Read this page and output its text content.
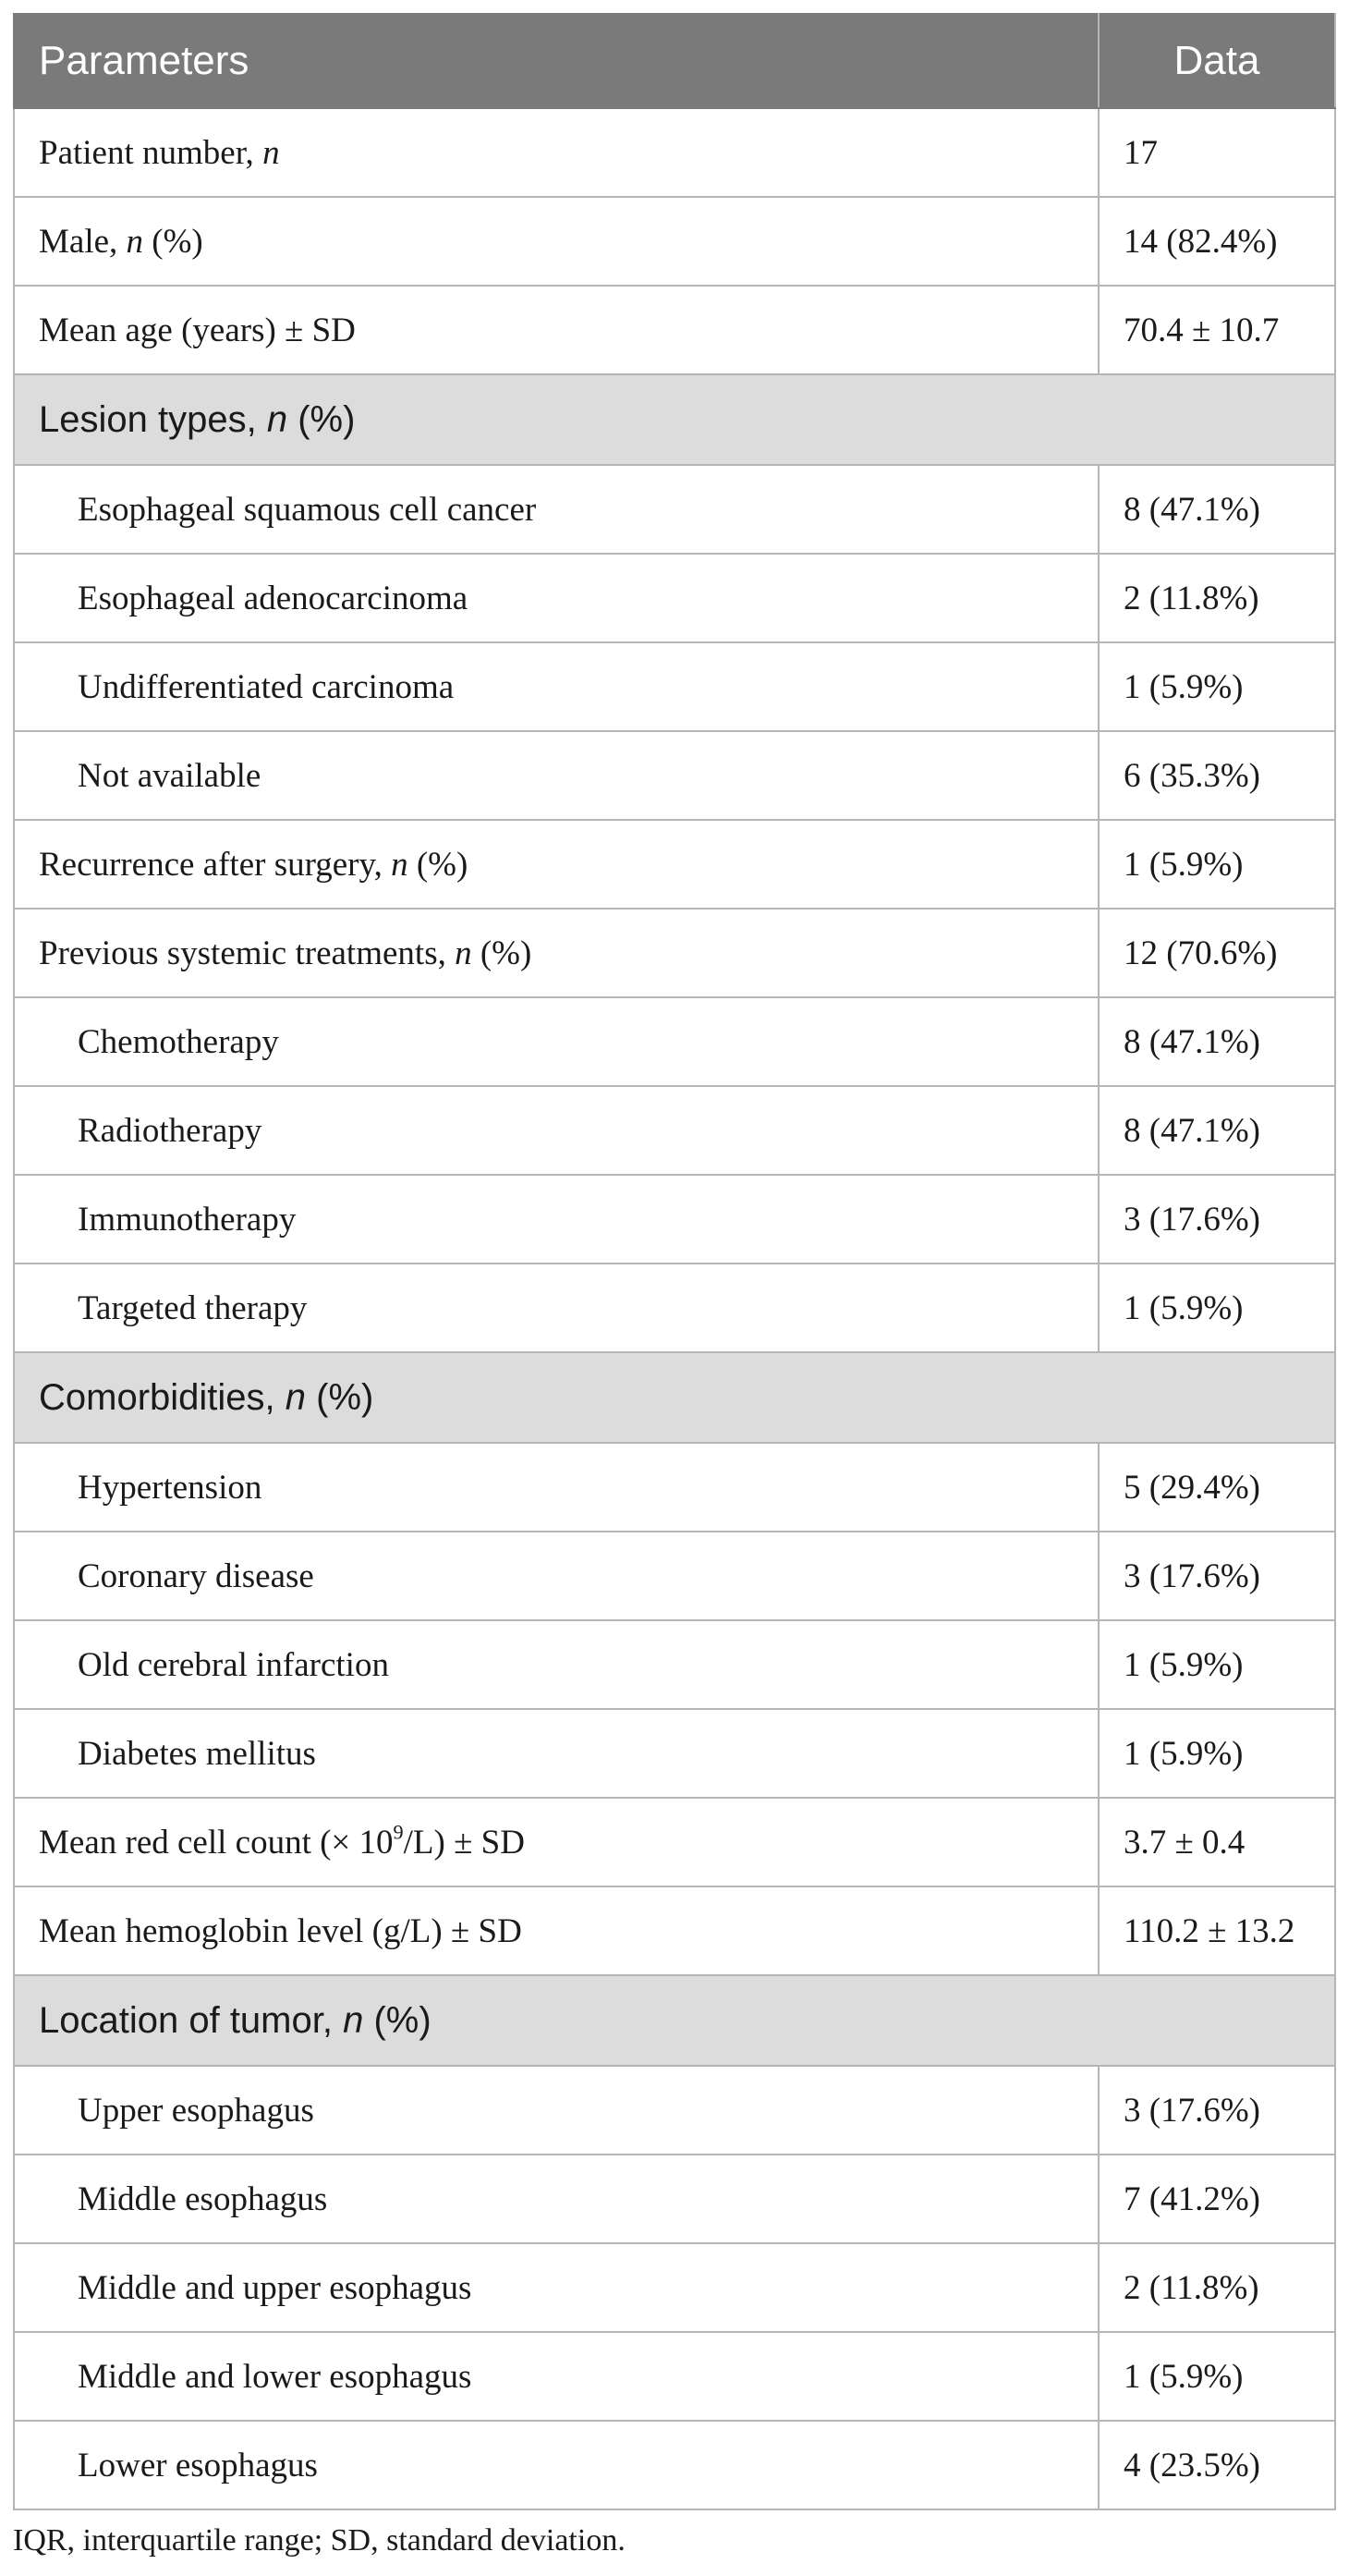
Parameters	Data
Patient number, n	17
Male, n (%)	14 (82.4%)
Mean age (years) ± SD	70.4 ± 10.7
Lesion types, n (%)	
Esophageal squamous cell cancer	8 (47.1%)
Esophageal adenocarcinoma	2 (11.8%)
Undifferentiated carcinoma	1 (5.9%)
Not available	6 (35.3%)
Recurrence after surgery, n (%)	1 (5.9%)
Previous systemic treatments, n (%)	12 (70.6%)
Chemotherapy	8 (47.1%)
Radiotherapy	8 (47.1%)
Immunotherapy	3 (17.6%)
Targeted therapy	1 (5.9%)
Comorbidities, n (%)	
Hypertension	5 (29.4%)
Coronary disease	3 (17.6%)
Old cerebral infarction	1 (5.9%)
Diabetes mellitus	1 (5.9%)
Mean red cell count (× $10^9/L$) ± SD	3.7 ± 0.4
Mean hemoglobin level (g/L) ± SD	110.2 ± 13.2
Location of tumor, n (%)	
Upper esophagus	3 (17.6%)
Middle esophagus	7 (41.2%)
Middle and upper esophagus	2 (11.8%)
Middle and lower esophagus	1 (5.9%)
Lower esophagus	4 (23.5%)
IQR, interquartile range; SD, standard deviation.
